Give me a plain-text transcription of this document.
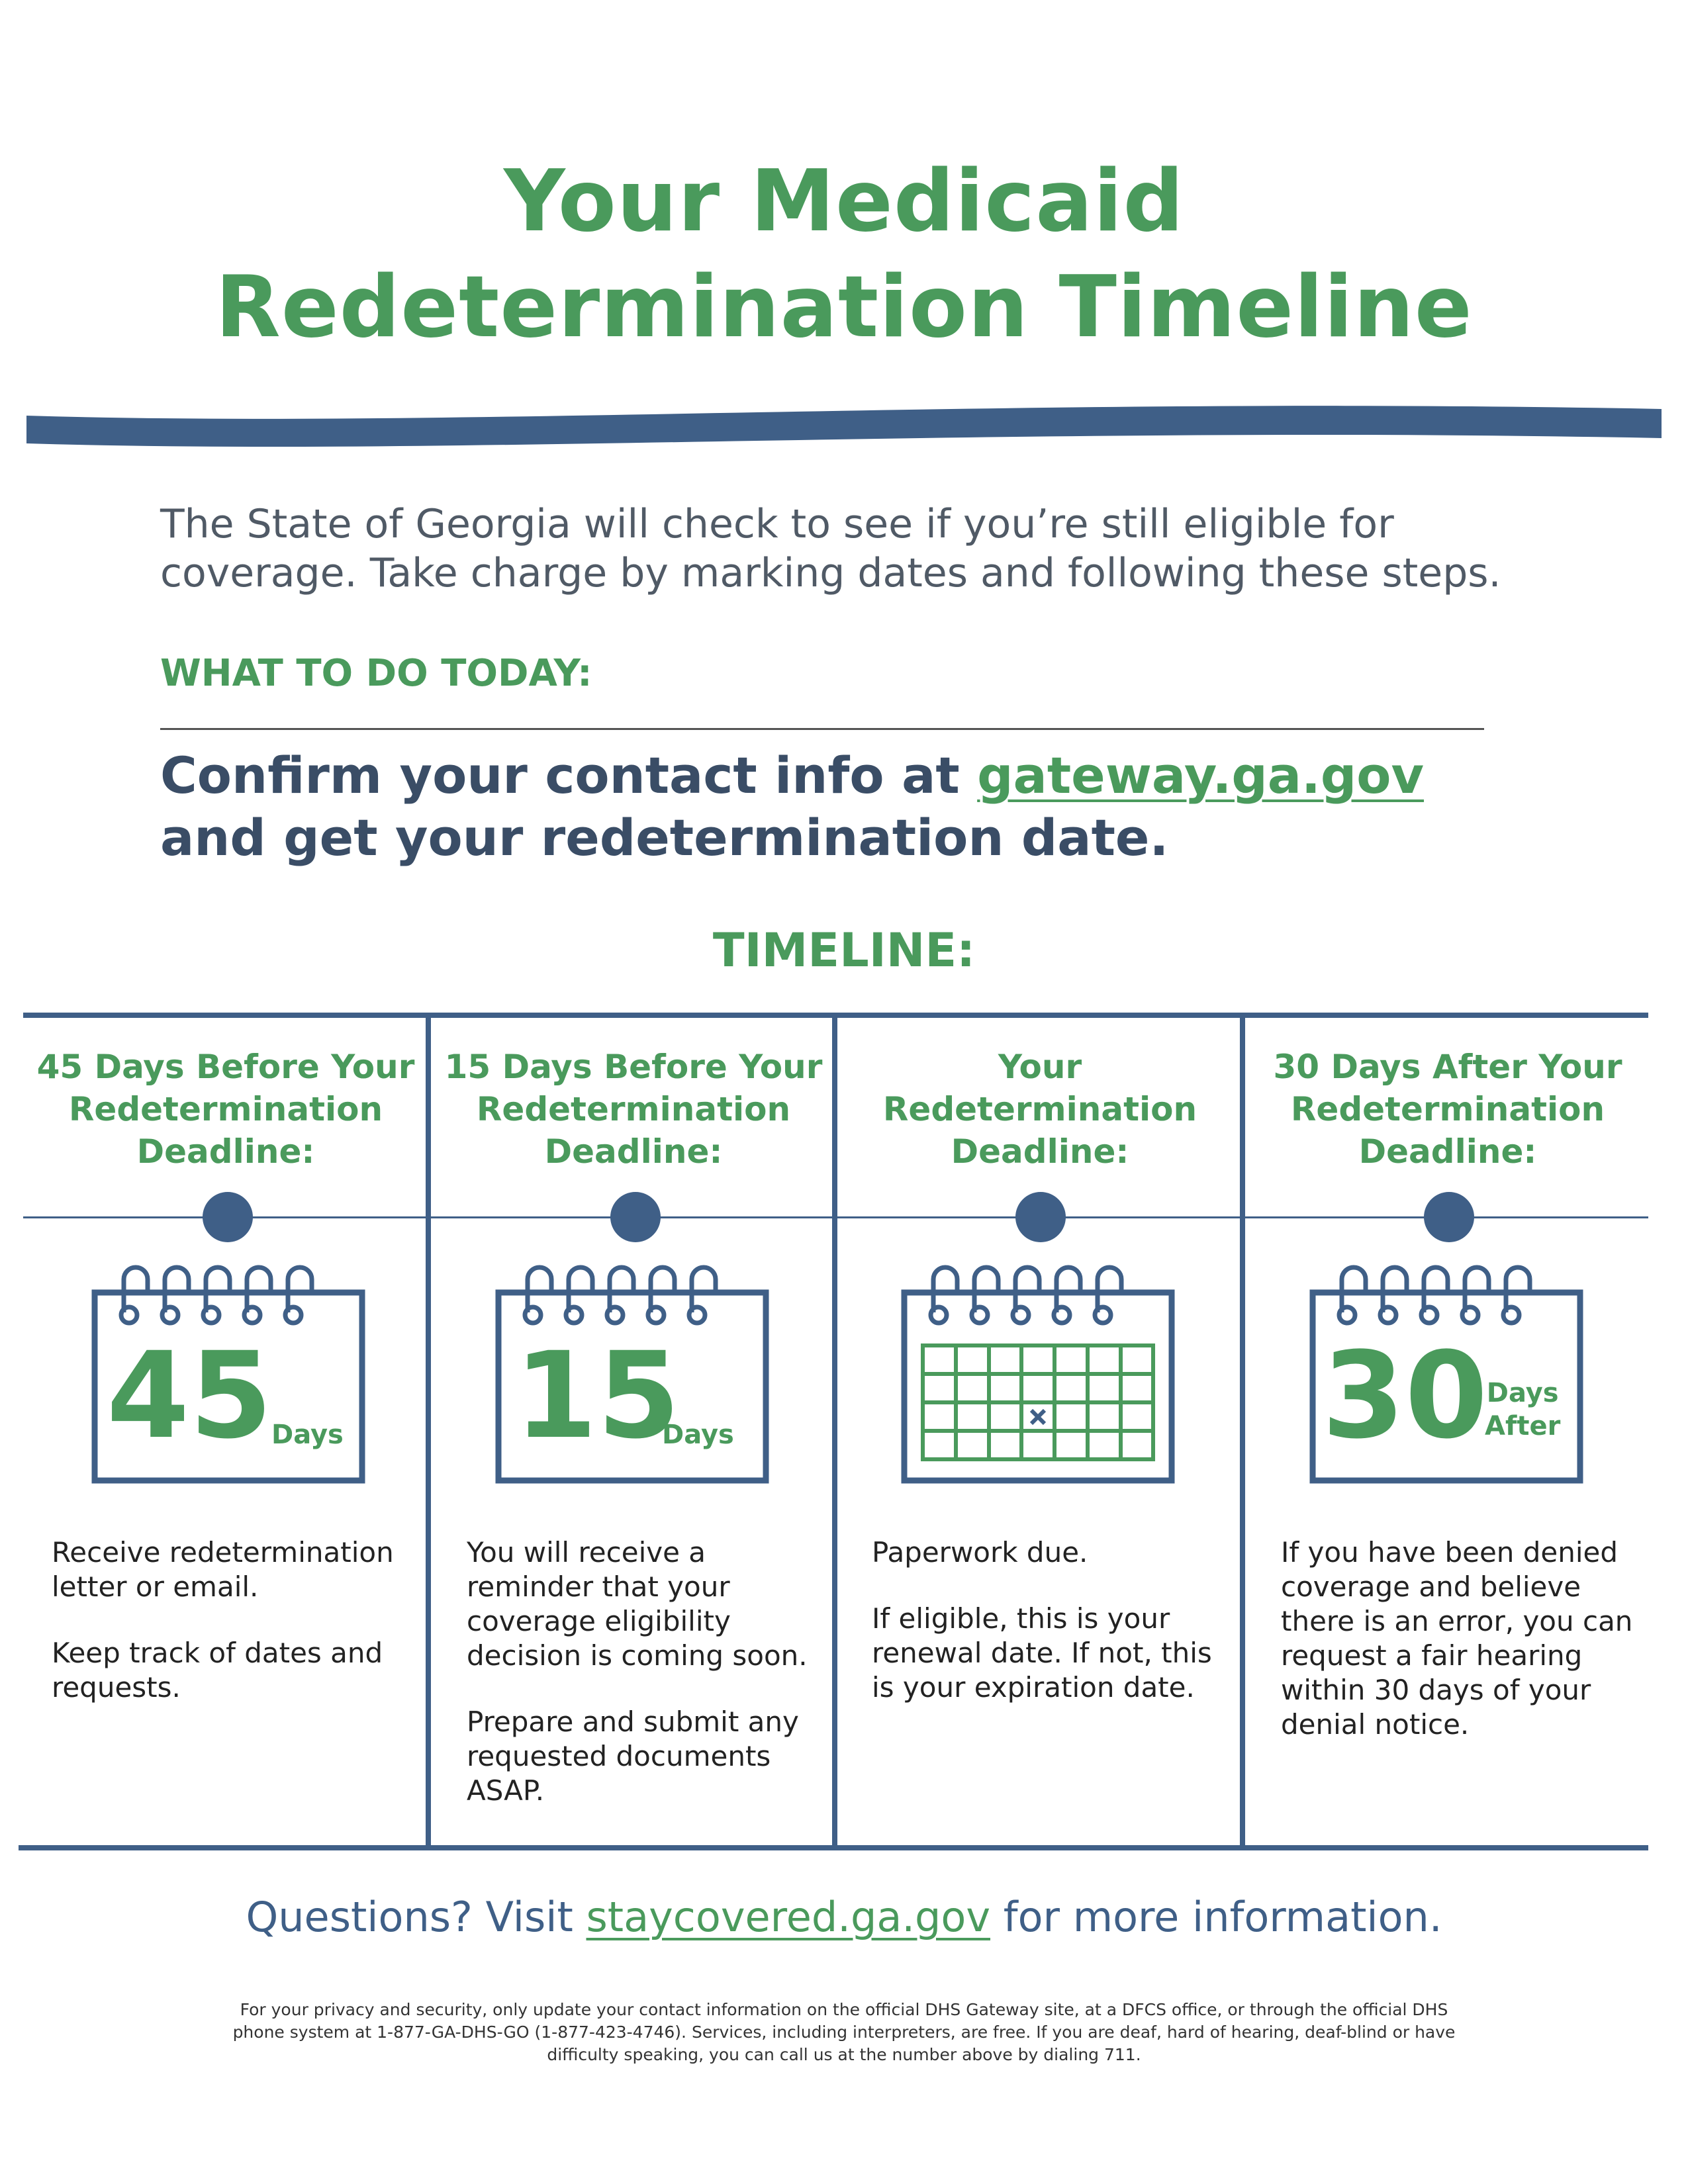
Your Medicaid
Redetermination Timeline
The State of Georgia will check to see if you’re still eligible for coverage. Take charge by marking dates and following these steps.
WHAT TO DO TODAY:
Confirm your contact info at gateway.ga.gov
and get your redetermination date.
TIMELINE:
45 Days Before Your
Redetermination
Deadline:
45
Days

Receive redetermination letter or email.

Keep track of dates and requests.

15 Days Before Your
Redetermination
Deadline:
15
Days

You will receive a reminder that your coverage eligibility decision is coming soon.

Prepare and submit any requested documents ASAP.

Your
Redetermination
Deadline:

Paperwork due.

If eligible, this is your renewal date. If not, this is your expiration date.

30 Days After Your
Redetermination
Deadline:
30
Days
After

If you have been denied coverage and believe there is an error, you can request a fair hearing within 30 days of your denial notice.

Questions? Visit staycovered.ga.gov for more information.
For your privacy and security, only update your contact information on the official DHS Gateway site, at a DFCS office, or through the official DHS phone system at 1-877-GA-DHS-GO (1-877-423-4746). Services, including interpreters, are free. If you are deaf, hard of hearing, deaf-blind or have difficulty speaking, you can call us at the number above by dialing 711.
